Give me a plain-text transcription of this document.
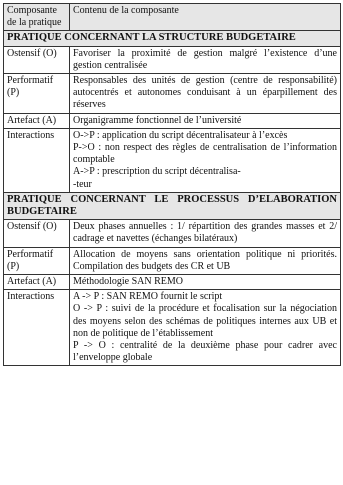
Composante de la pratique	Contenu de la composante
PRATIQUE CONCERNANT LA STRUCTURE BUDGETAIRE	
Ostensif (O)	Favoriser la proximité de gestion malgré l’existence d’une gestion centralisée

Performatif (P)	Responsables des unités de gestion (centre de responsabilité) autocentrés et autonomes conduisant à un éparpillement des réserves

Artefact (A)	Organigramme fonctionnel de l’université

Interactions	O->P : application du script décentralisateur à l’excès
P->O : non respect des règles de centralisation de l’information comptable
A->P : prescription du script décentralisa-
-teur

PRATIQUE CONCERNANT LE PROCESSUS D’ELABORATION BUDGETAIRE	
Ostensif (O)	Deux phases annuelles : 1/ répartition des grandes masses et 2/ cadrage et navettes (échanges bilatéraux)

Performatif (P)	Allocation de moyens sans orientation politique ni priorités. Compilation des budgets des CR et UB

Artefact (A)	Méthodologie SAN REMO

Interactions	A -> P : SAN REMO fournit le script
O -> P : suivi de la procédure et focalisation sur la négociation des moyens selon des schémas de politiques internes aux UB et non de politique de l’établissement
P -> O : centralité de la deuxième phase pour cadrer avec l’enveloppe globale
